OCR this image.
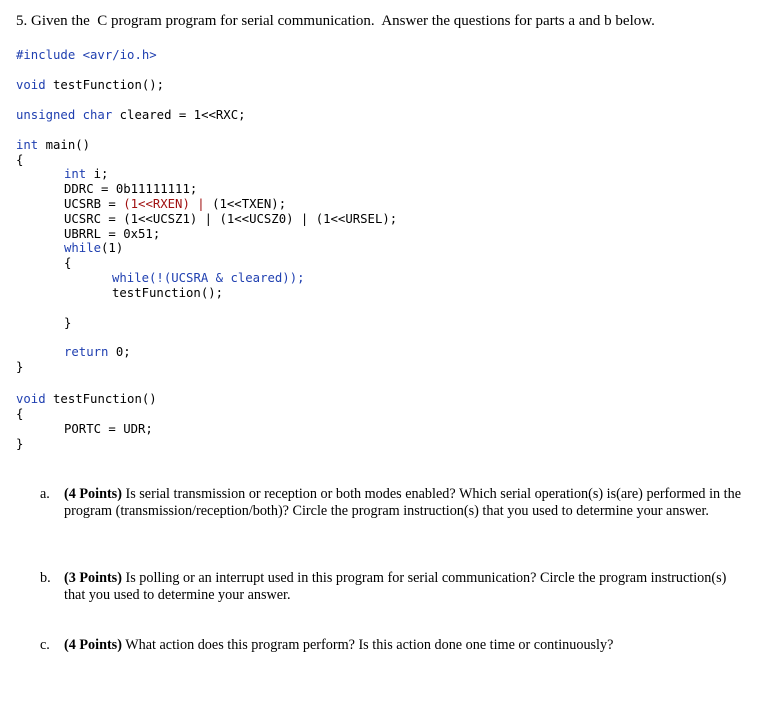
5. Given the  C program program for serial communication.  Answer the questions for parts a and b below.
#include <avr/io.h>
void testFunction();
unsigned char cleared = 1<<RXC;
int main()
{
int i;
DDRC = 0b11111111;
UCSRB = (1<<RXEN) | (1<<TXEN);
UCSRC = (1<<UCSZ1) | (1<<UCSZ0) | (1<<URSEL);
UBRRL = 0x51;
while(1)
{
while(!(UCSRA & cleared));
testFunction();
}
return 0;
}
void testFunction()
{
PORTC = UDR;
}
a. (4 Points) Is serial transmission or reception or both modes enabled? Which serial operation(s) is(are) performed in the program (transmission/reception/both)? Circle the program instruction(s) that you used to determine your answer.
b. (3 Points) Is polling or an interrupt used in this program for serial communication? Circle the program instruction(s) that you used to determine your answer.
c. (4 Points) What action does this program perform? Is this action done one time or continuously?
